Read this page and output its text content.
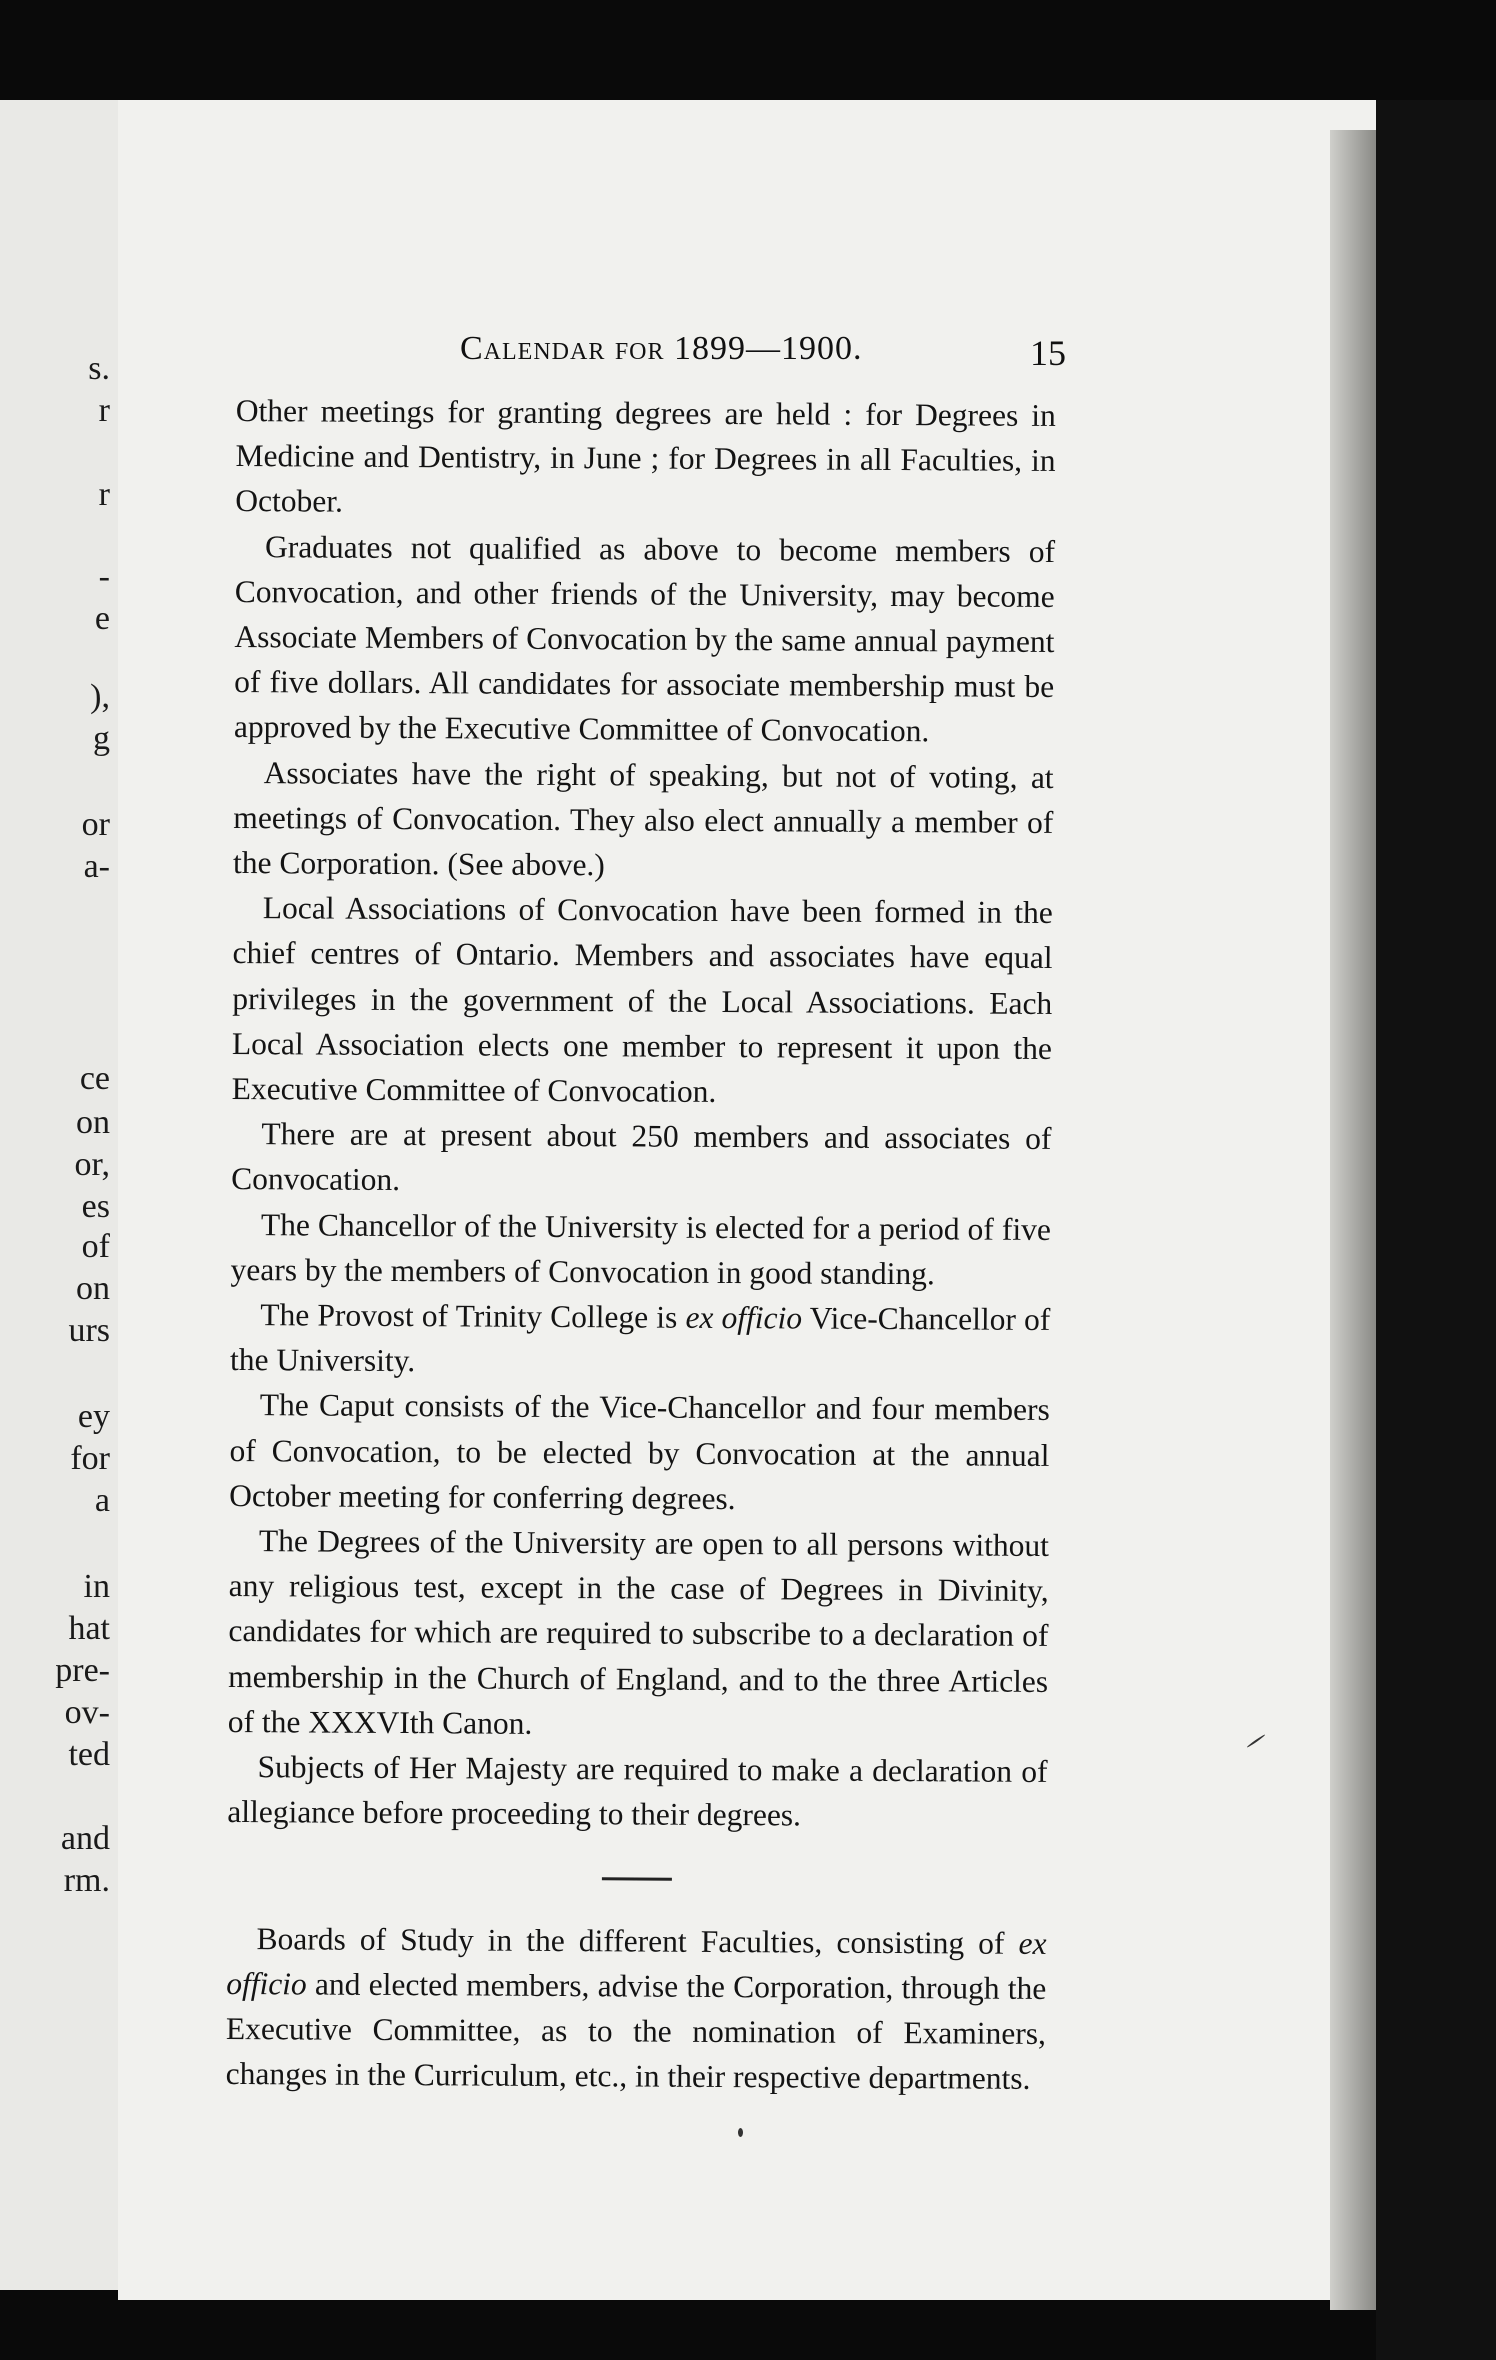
s.
r
r
-
e
),
g
or
a-
ce
on
or,
es
of
on
urs
ey
for
a
in
hat
pre-
ov-
ted
and
rm.
Calendar for 1899—1900.	15

Other meetings for granting degrees are held : for Degrees in Medicine and Dentistry, in June ; for Degrees in all Faculties, in October.

Graduates not qualified as above to become members of Convocation, and other friends of the University, may become Associate Members of Convocation by the same annual payment of five dollars. All candidates for associate membership must be approved by the Executive Committee of Convocation.

Associates have the right of speaking, but not of voting, at meetings of Convocation. They also elect annually a member of the Corporation. (See above.)

Local Associations of Convocation have been formed in the chief centres of Ontario. Members and associates have equal privileges in the government of the Local Associations. Each Local Association elects one member to represent it upon the Executive Committee of Convocation.

There are at present about 250 members and associates of Convocation.

The Chancellor of the University is elected for a period of five years by the members of Convocation in good standing.

The Provost of Trinity College is ex officio Vice-Chancellor of the University.

The Caput consists of the Vice-Chancellor and four members of Convocation, to be elected by Convocation at the annual October meeting for conferring degrees.

The Degrees of the University are open to all persons without any religious test, except in the case of Degrees in Divinity, candidates for which are required to subscribe to a declaration of membership in the Church of England, and to the three Articles of the XXXVIth Canon.

Subjects of Her Majesty are required to make a declaration of allegiance before proceeding to their degrees.

Boards of Study in the different Faculties, consisting of ex officio and elected members, advise the Corporation, through the Executive Committee, as to the nomination of Examiners, changes in the Curriculum, etc., in their respective departments.
